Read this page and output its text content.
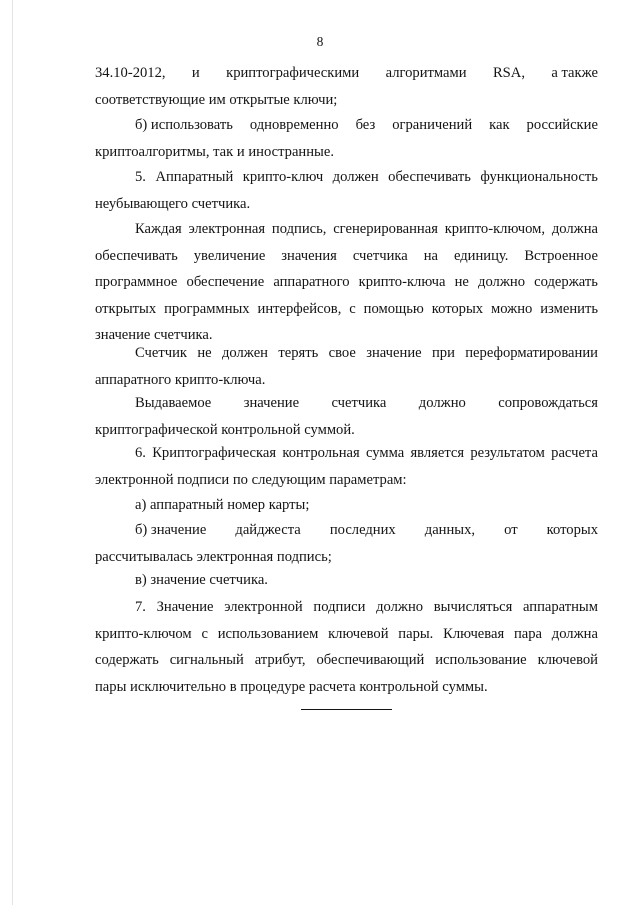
8
34.10-2012, и криптографическими алгоритмами RSA, а также
соответствующие им открытые ключи;
б) использовать одновременно без ограничений как российские
криптоалгоритмы, так и иностранные.
5. Аппаратный крипто-ключ должен обеспечивать функциональность
неубывающего счетчика.
Каждая электронная подпись, сгенерированная крипто-ключом, должна
обеспечивать увеличение значения счетчика на единицу. Встроенное
программное обеспечение аппаратного крипто-ключа не должно содержать
открытых программных интерфейсов, с помощью которых можно изменить
значение счетчика.
Счетчик не должен терять свое значение при переформатировании
аппаратного крипто-ключа.
Выдаваемое значение счетчика должно сопровождаться
криптографической контрольной суммой.
6. Криптографическая контрольная сумма является результатом расчета
электронной подписи по следующим параметрам:
а) аппаратный номер карты;
б) значение дайджеста последних данных, от которых
рассчитывалась электронная подпись;
в) значение счетчика.
7. Значение электронной подписи должно вычисляться аппаратным
крипто-ключом с использованием ключевой пары. Ключевая пара должна
содержать сигнальный атрибут, обеспечивающий использование ключевой
пары исключительно в процедуре расчета контрольной суммы.
